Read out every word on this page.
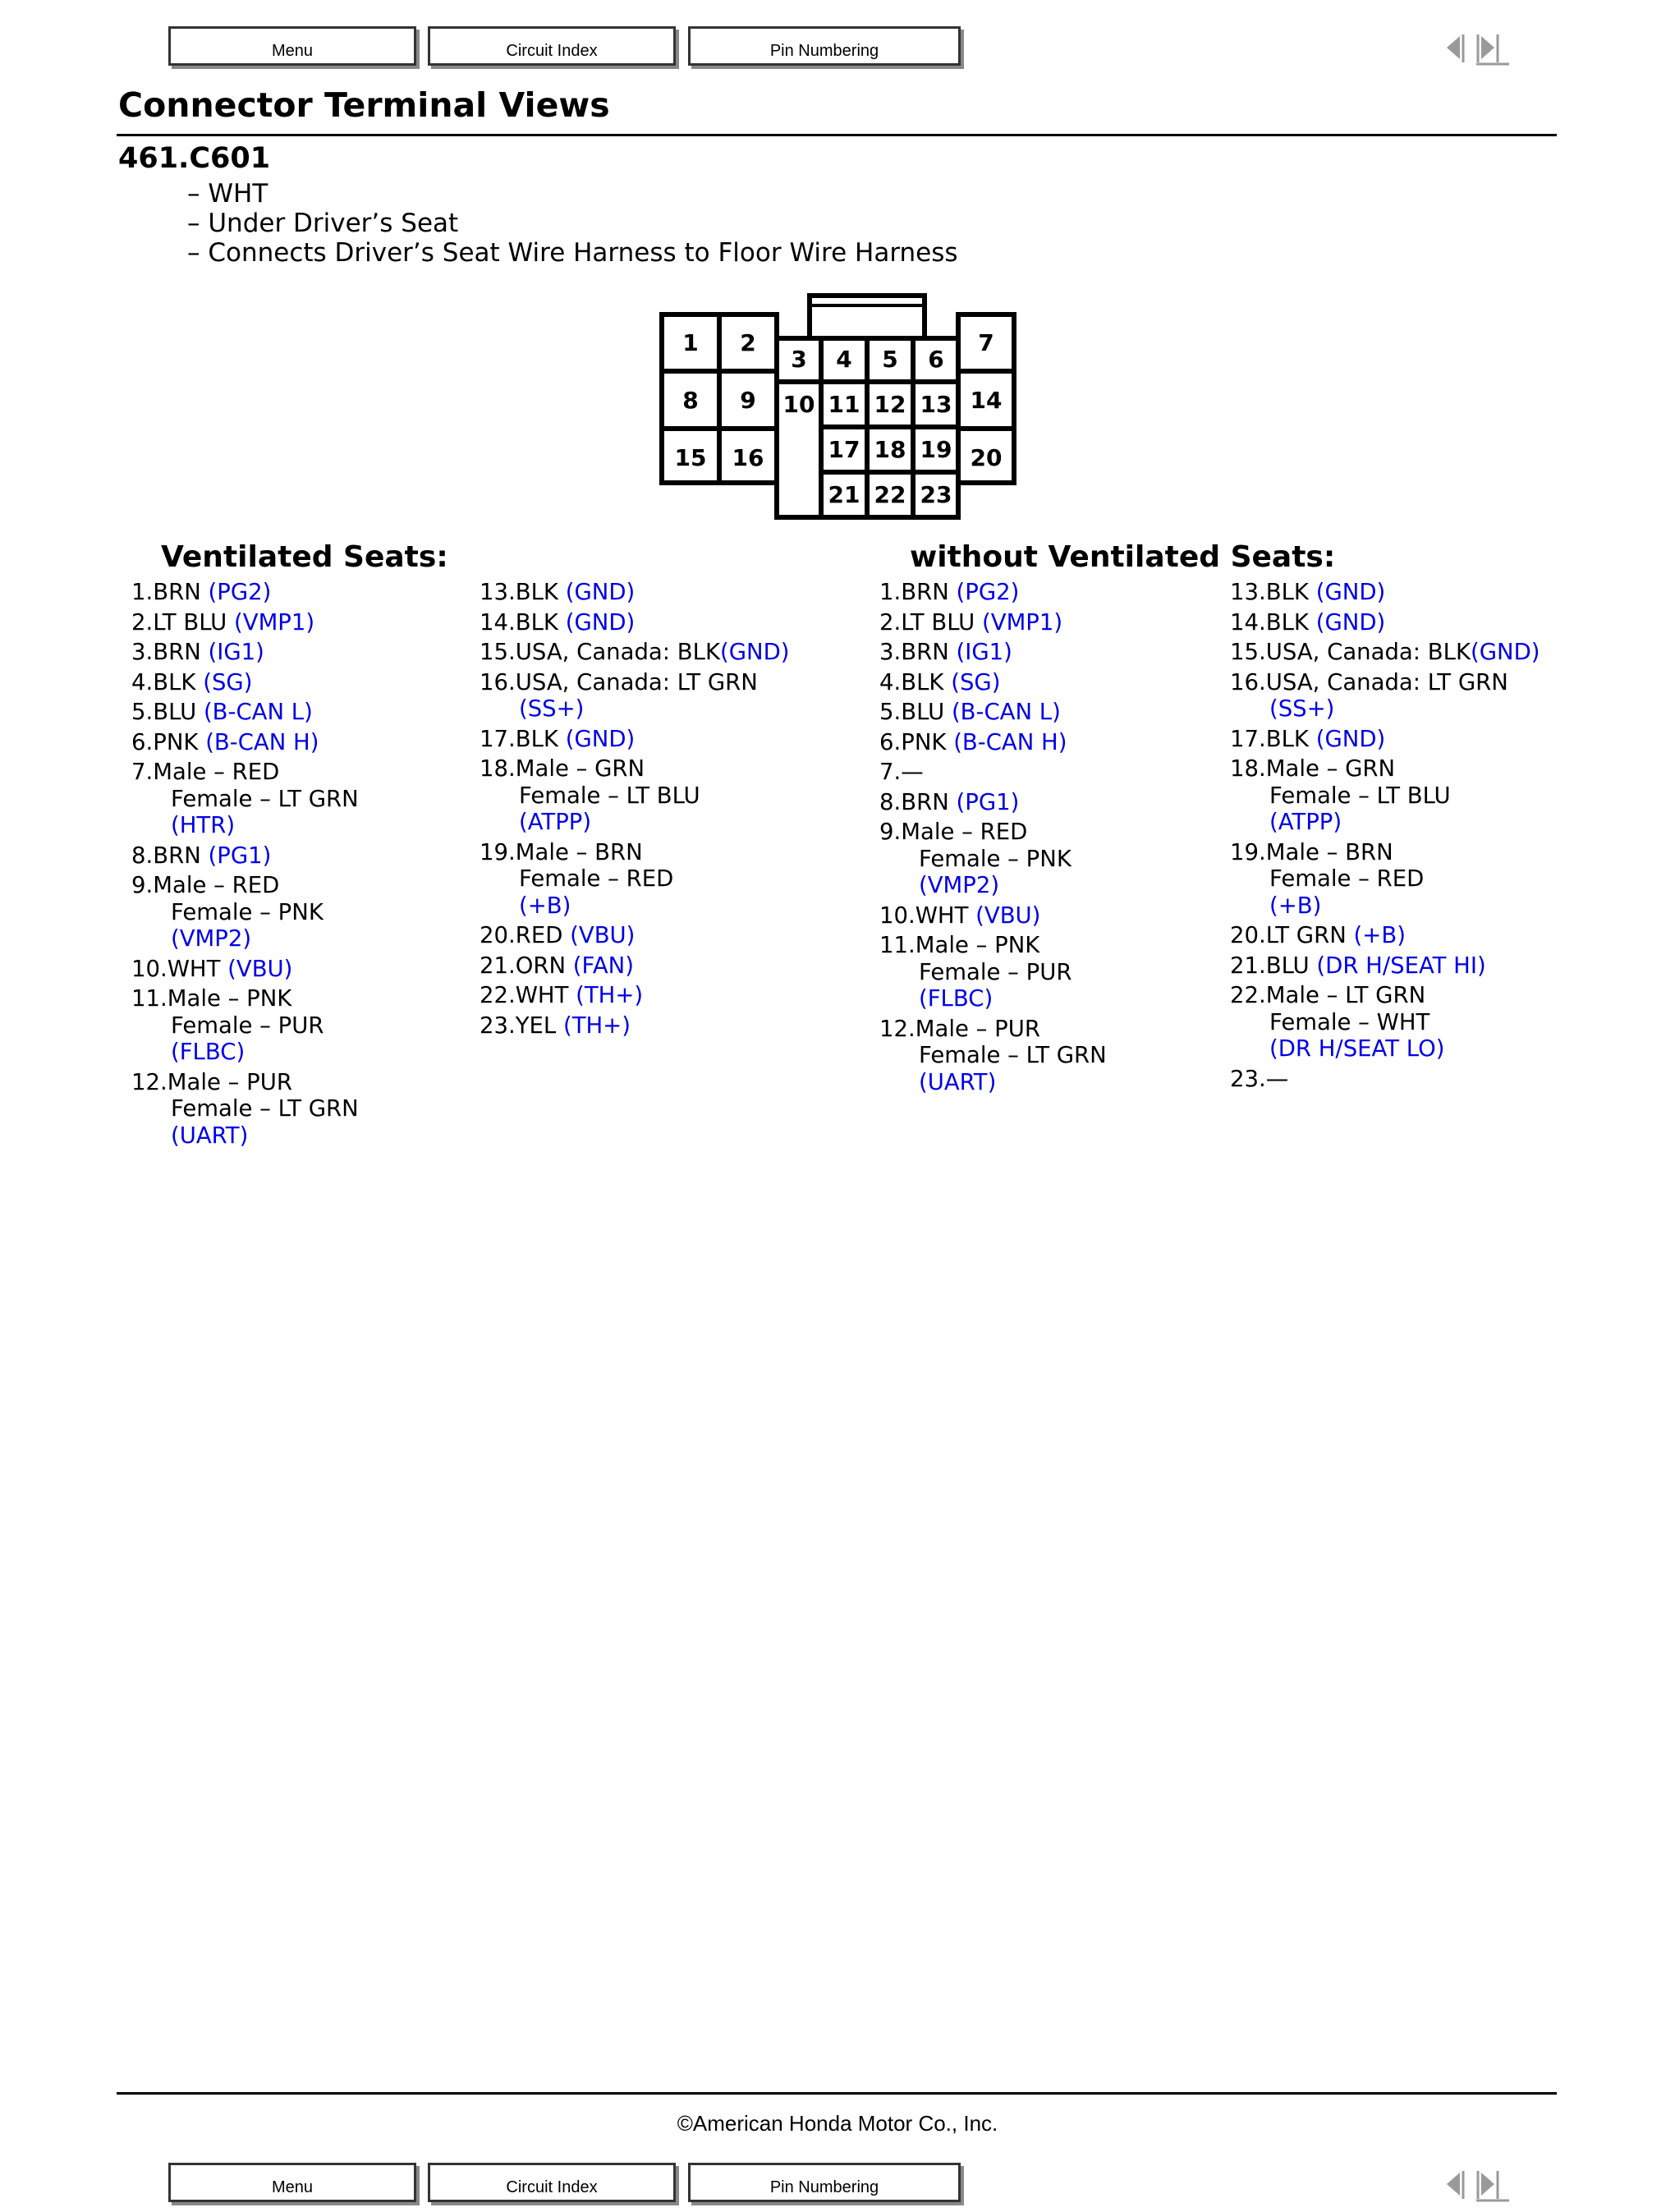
Menu	Circuit Index	Pin Numbering
Connector Terminal Views
461.C601
– WHT
– Under Driver’s Seat
– Connects Driver’s Seat Wire Harness to Floor Wire Harness
1 2
3 4 5 6
7
8 9 10 11 12 13 14
15 16	17 18 19 20
21 22 23
Ventilated Seats:	without Ventilated Seats:
1.BRN (PG2)
2.LT BLU (VMP1)
3.BRN (IG1)
4.BLK (SG)
5.BLU (B-CAN L)
6.PNK (B-CAN H)
7.Male – RED
Female – LT GRN
(HTR)
8.BRN (PG1)
9.Male – RED
Female – PNK
(VMP2)
10.WHT (VBU)
11.Male – PNK
Female – PUR
(FLBC)
12.Male – PUR
Female – LT GRN
(UART)
13.BLK (GND)
14.BLK (GND)
15.USA, Canada: BLK(GND)
16.USA, Canada: LT GRN
(SS+)
17.BLK (GND)
18.Male – GRN
Female – LT BLU
(ATPP)
19.Male – BRN
Female – RED
(+B)
20.RED (VBU)
21.ORN (FAN)
22.WHT (TH+)
23.YEL (TH+)
1.BRN (PG2)
2.LT BLU (VMP1)
3.BRN (IG1)
4.BLK (SG)
5.BLU (B-CAN L)
6.PNK (B-CAN H)
7.—
8.BRN (PG1)
9.Male – RED
Female – PNK
(VMP2)
10.WHT (VBU)
11.Male – PNK
Female – PUR
(FLBC)
12.Male – PUR
Female – LT GRN
(UART)
13.BLK (GND)
14.BLK (GND)
15.USA, Canada: BLK(GND)
16.USA, Canada: LT GRN
(SS+)
17.BLK (GND)
18.Male – GRN
Female – LT BLU
(ATPP)
19.Male – BRN
Female – RED
(+B)
20.LT GRN (+B)
21.BLU (DR H/SEAT HI)
22.Male – LT GRN
Female – WHT
(DR H/SEAT LO)
23.—
©American Honda Motor Co., Inc.
Menu	Circuit Index	Pin Numbering
